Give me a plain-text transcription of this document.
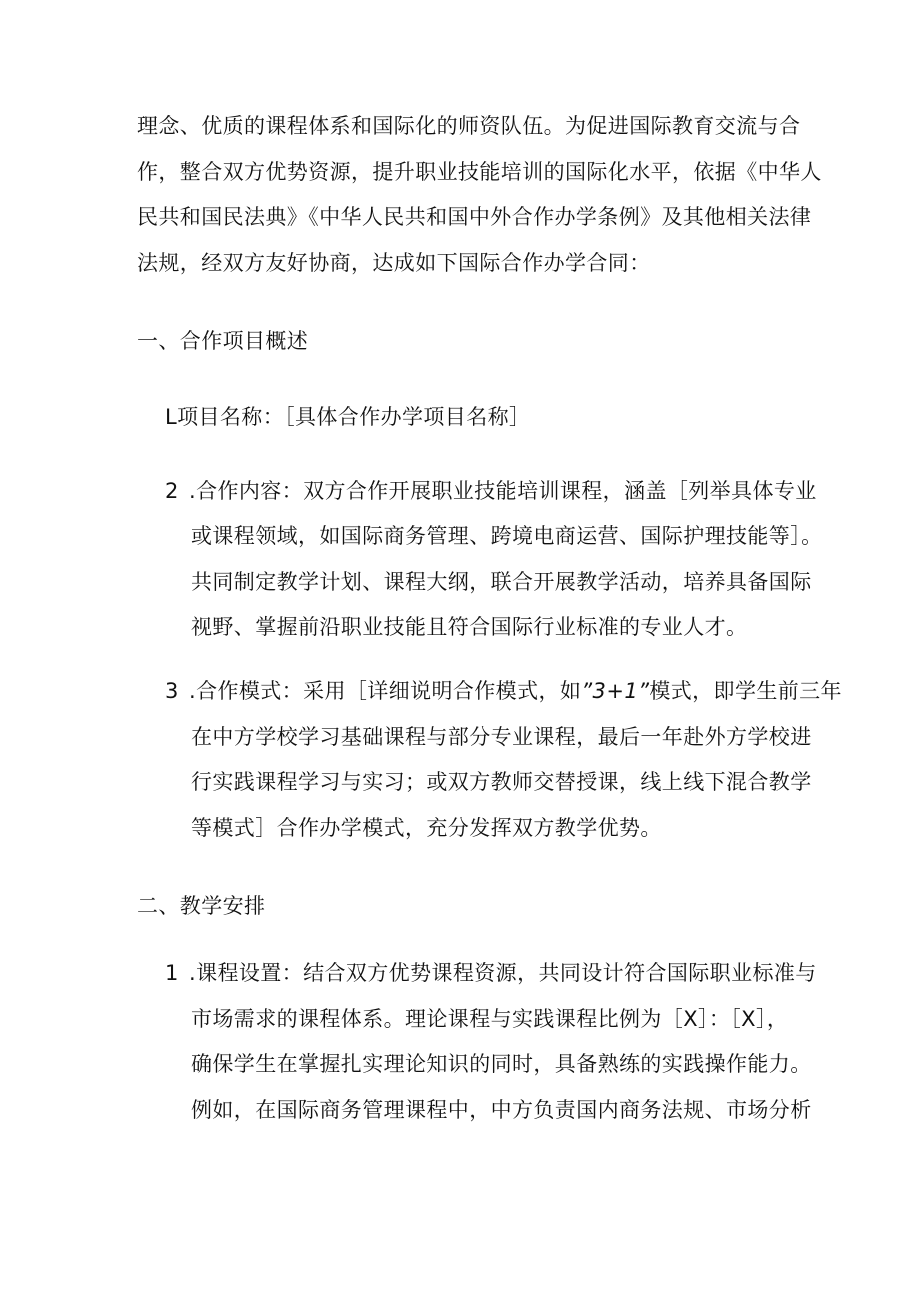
理念、优质的课程体系和国际化的师资队伍。为促进国际教育交流与合
作，整合双方优势资源，提升职业技能培训的国际化水平，依据《中华人
民共和国民法典》《中华人民共和国中外合作办学条例》及其他相关法律
法规，经双方友好协商，达成如下国际合作办学合同：
一、合作项目概述
L项目名称：［具体合作办学项目名称］
2 .合作内容：双方合作开展职业技能培训课程，涵盖［列举具体专业
或课程领域，如国际商务管理、跨境电商运营、国际护理技能等］。
共同制定教学计划、课程大纲，联合开展教学活动，培养具备国际
视野、掌握前沿职业技能且符合国际行业标准的专业人才。
3 .合作模式：采用［详细说明合作模式，如”3+1”模式，即学生前三年
在中方学校学习基础课程与部分专业课程，最后一年赴外方学校进
行实践课程学习与实习；或双方教师交替授课，线上线下混合教学
等模式］合作办学模式，充分发挥双方教学优势。
二、教学安排
1 .课程设置：结合双方优势课程资源，共同设计符合国际职业标准与
市场需求的课程体系。理论课程与实践课程比例为［X］：［X］，
确保学生在掌握扎实理论知识的同时，具备熟练的实践操作能力。
例如，在国际商务管理课程中，中方负责国内商务法规、市场分析
